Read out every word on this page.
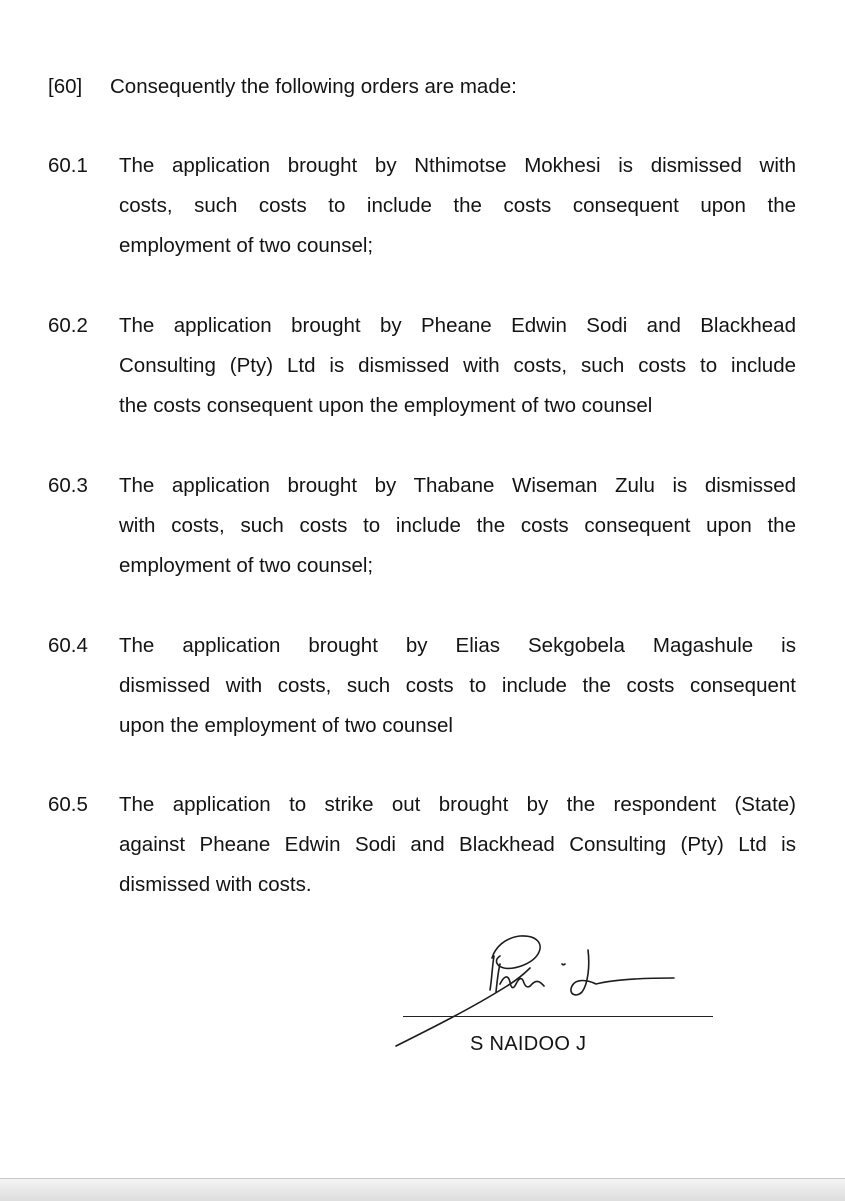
[60] Consequently the following orders are made:
60.1 The application brought by Nthimotse Mokhesi is dismissed with
costs, such costs to include the costs consequent upon the
employment of two counsel;
60.2 The application brought by Pheane Edwin Sodi and Blackhead
Consulting (Pty) Ltd is dismissed with costs, such costs to include
the costs consequent upon the employment of two counsel
60.3 The application brought by Thabane Wiseman Zulu is dismissed
with costs, such costs to include the costs consequent upon the
employment of two counsel;
60.4 The application brought by Elias Sekgobela Magashule is
dismissed with costs, such costs to include the costs consequent
upon the employment of two counsel
60.5 The application to strike out brought by the respondent (State)
against Pheane Edwin Sodi and Blackhead Consulting (Pty) Ltd is
dismissed with costs.
S NAIDOO J
